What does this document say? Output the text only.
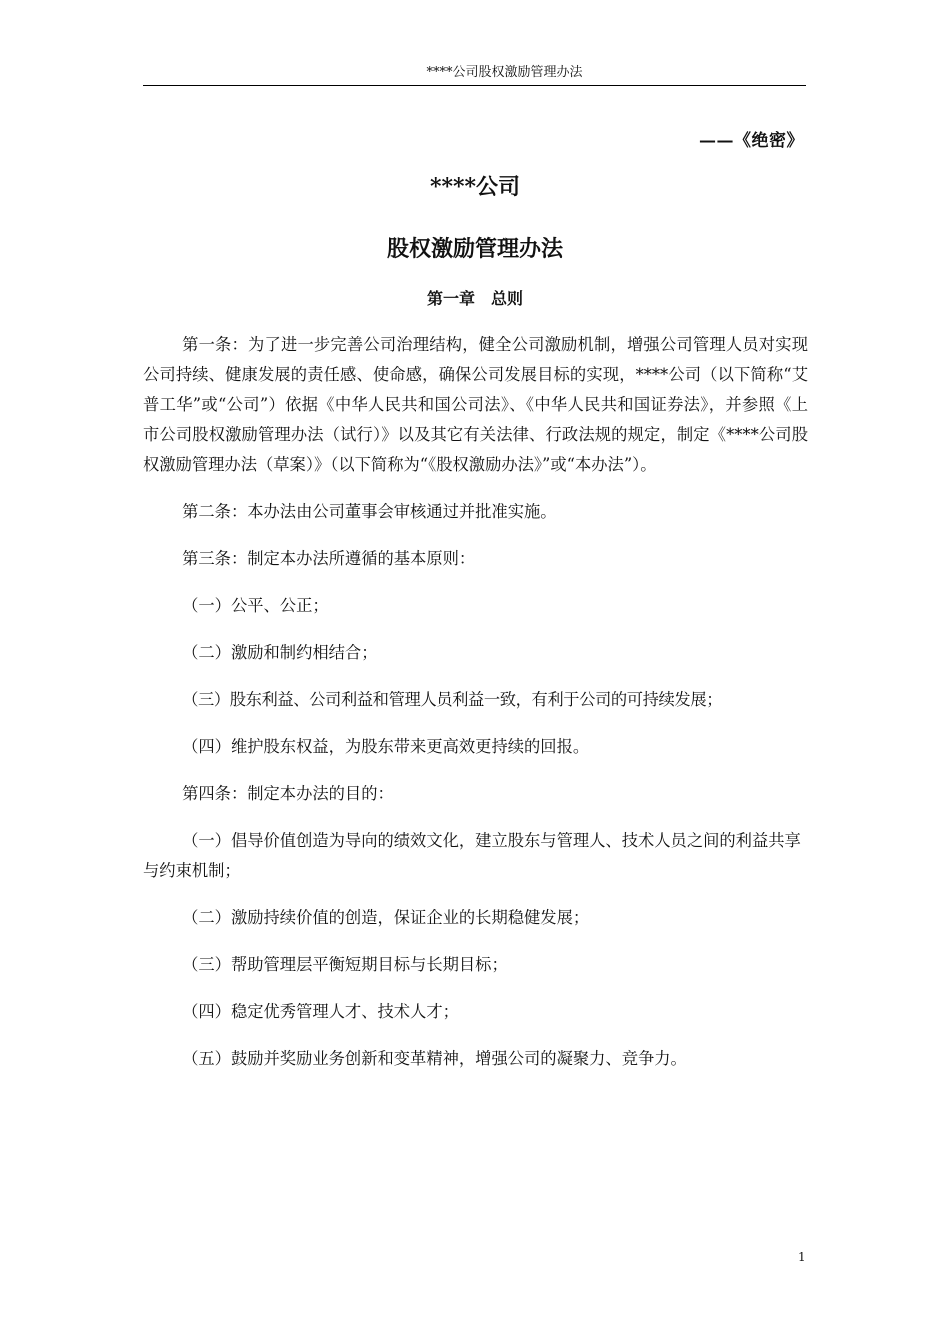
****公司股权激励管理办法
——《绝密》
****公司
股权激励管理办法
第一章　总则

第一条：为了进一步完善公司治理结构，健全公司激励机制，增强公司管理人员对实现公司持续、健康发展的责任感、使命感，确保公司发展目标的实现，****公司（以下简称“艾普工华”或“公司”）依据《中华人民共和国公司法》、《中华人民共和国证券法》，并参照《上市公司股权激励管理办法（试行）》以及其它有关法律、行政法规的规定，制定《****公司股权激励管理办法（草案）》（以下简称为“《股权激励办法》”或“本办法”）。

第二条：本办法由公司董事会审核通过并批准实施。

第三条：制定本办法所遵循的基本原则：

（一）公平、公正；

（二）激励和制约相结合；

（三）股东利益、公司利益和管理人员利益一致，有利于公司的可持续发展；

（四）维护股东权益，为股东带来更高效更持续的回报。

第四条：制定本办法的目的：

（一）倡导价值创造为导向的绩效文化，建立股东与管理人、技术人员之间的利益共享与约束机制；

（二）激励持续价值的创造，保证企业的长期稳健发展；

（三）帮助管理层平衡短期目标与长期目标；

（四）稳定优秀管理人才、技术人才；

（五）鼓励并奖励业务创新和变革精神，增强公司的凝聚力、竞争力。

1
